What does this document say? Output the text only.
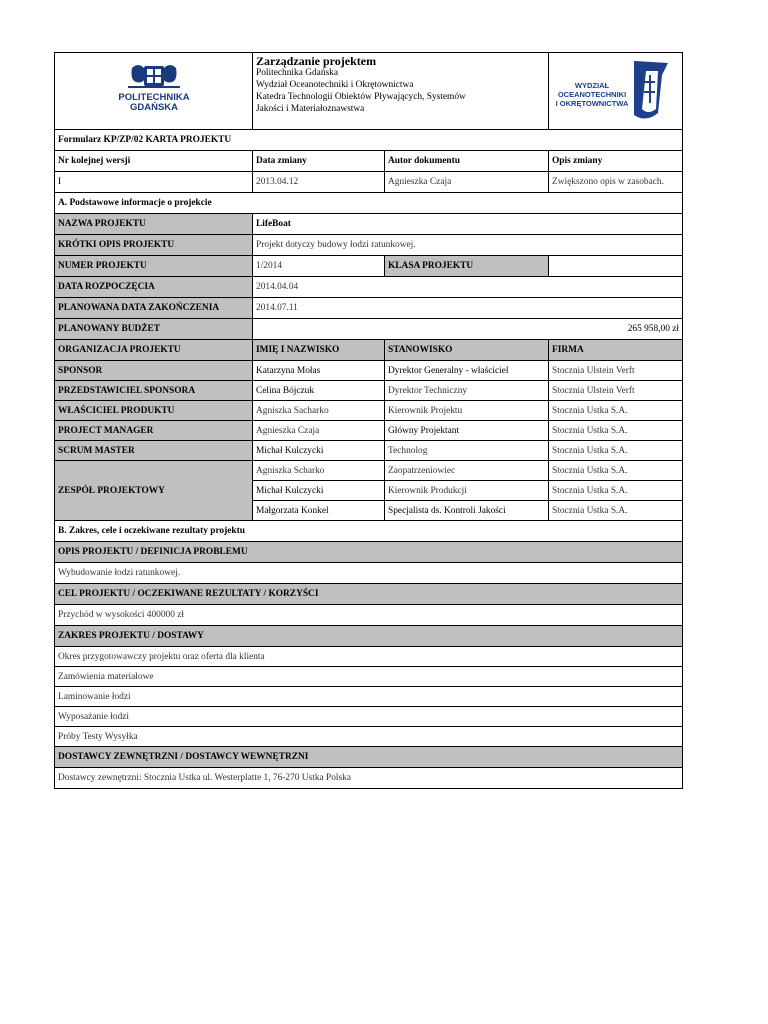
POLITECHNIKA
GDAŃSKA	Zarządzanie projektem
Politechnika Gdańska
Wydział Oceanotechniki i Okrętownictwa
Katedra Technologii Obiektów Pływających, Systemów
Jakości i Materiałoznawstwa		WYDZIAŁ
OCEANOTECHNIKI
I OKRĘTOWNICTWA

Formularz KP/ZP/02 KARTA PROJEKTU			
Nr kolejnej wersji	Data zmiany	Autor dokumentu	Opis zmiany
I	2013.04.12	Agnieszka Czaja	Zwiększono opis w zasobach.
A. Podstawowe informacje o projekcie			
NAZWA PROJEKTU	LifeBoat		
KRÓTKI OPIS PROJEKTU	Projekt dotyczy budowy łodzi ratunkowej.		
NUMER PROJEKTU	1/2014	KLASA PROJEKTU	
DATA ROZPOCZĘCIA	2014.04.04		
PLANOWANA DATA ZAKOŃCZENIA	2014.07.11		
PLANOWANY BUDŻET	265 958,00 zł		
ORGANIZACJA PROJEKTU	IMIĘ I NAZWISKO	STANOWISKO	FIRMA
SPONSOR	Katarzyna Mołas	Dyrektor Generalny - właściciel	Stocznia Ulstein Verft
PRZEDSTAWICIEL SPONSORA	Celina Bójczuk	Dyrektor Techniczny	Stocznia Ulstein Verft
WŁAŚCICIEL PRODUKTU	Agniszka Sacharko	Kierownik Projektu	Stocznia Ustka S.A.
PROJECT MANAGER	Agnieszka Czaja	Główny Projektant	Stocznia Ustka S.A.
SCRUM MASTER	Michał Kulczycki	Technolog	Stocznia Ustka S.A.
ZESPÓŁ PROJEKTOWY	Agniszka Scharko	Zaopatrzeniowiec	Stocznia Ustka S.A.
	Michał Kulczycki	Kierownik Produkcji	Stocznia Ustka S.A.
	Małgorzata Konkel	Specjalista ds. Kontroli Jakości	Stocznia Ustka S.A.
B. Zakres, cele i oczekiwane rezultaty projektu			
OPIS PROJEKTU / DEFINICJA PROBLEMU			
Wybudowanie łodzi ratunkowej.			
CEL PROJEKTU / OCZEKIWANE REZULTATY / KORZYŚCI			
Przychód w wysokości 400000 zł			
ZAKRES PROJEKTU / DOSTAWY			
Okres przygotowawczy projektu oraz oferta dla klienta			
Zamówienia materiałowe			
Laminowanie łodzi			
Wyposażanie łodzi			
Próby Testy Wysyłka			
DOSTAWCY ZEWNĘTRZNI / DOSTAWCY WEWNĘTRZNI			
Dostawcy zewnętrzni: Stocznia Ustka ul. Westerplatte 1, 76-270 Ustka Polska			
